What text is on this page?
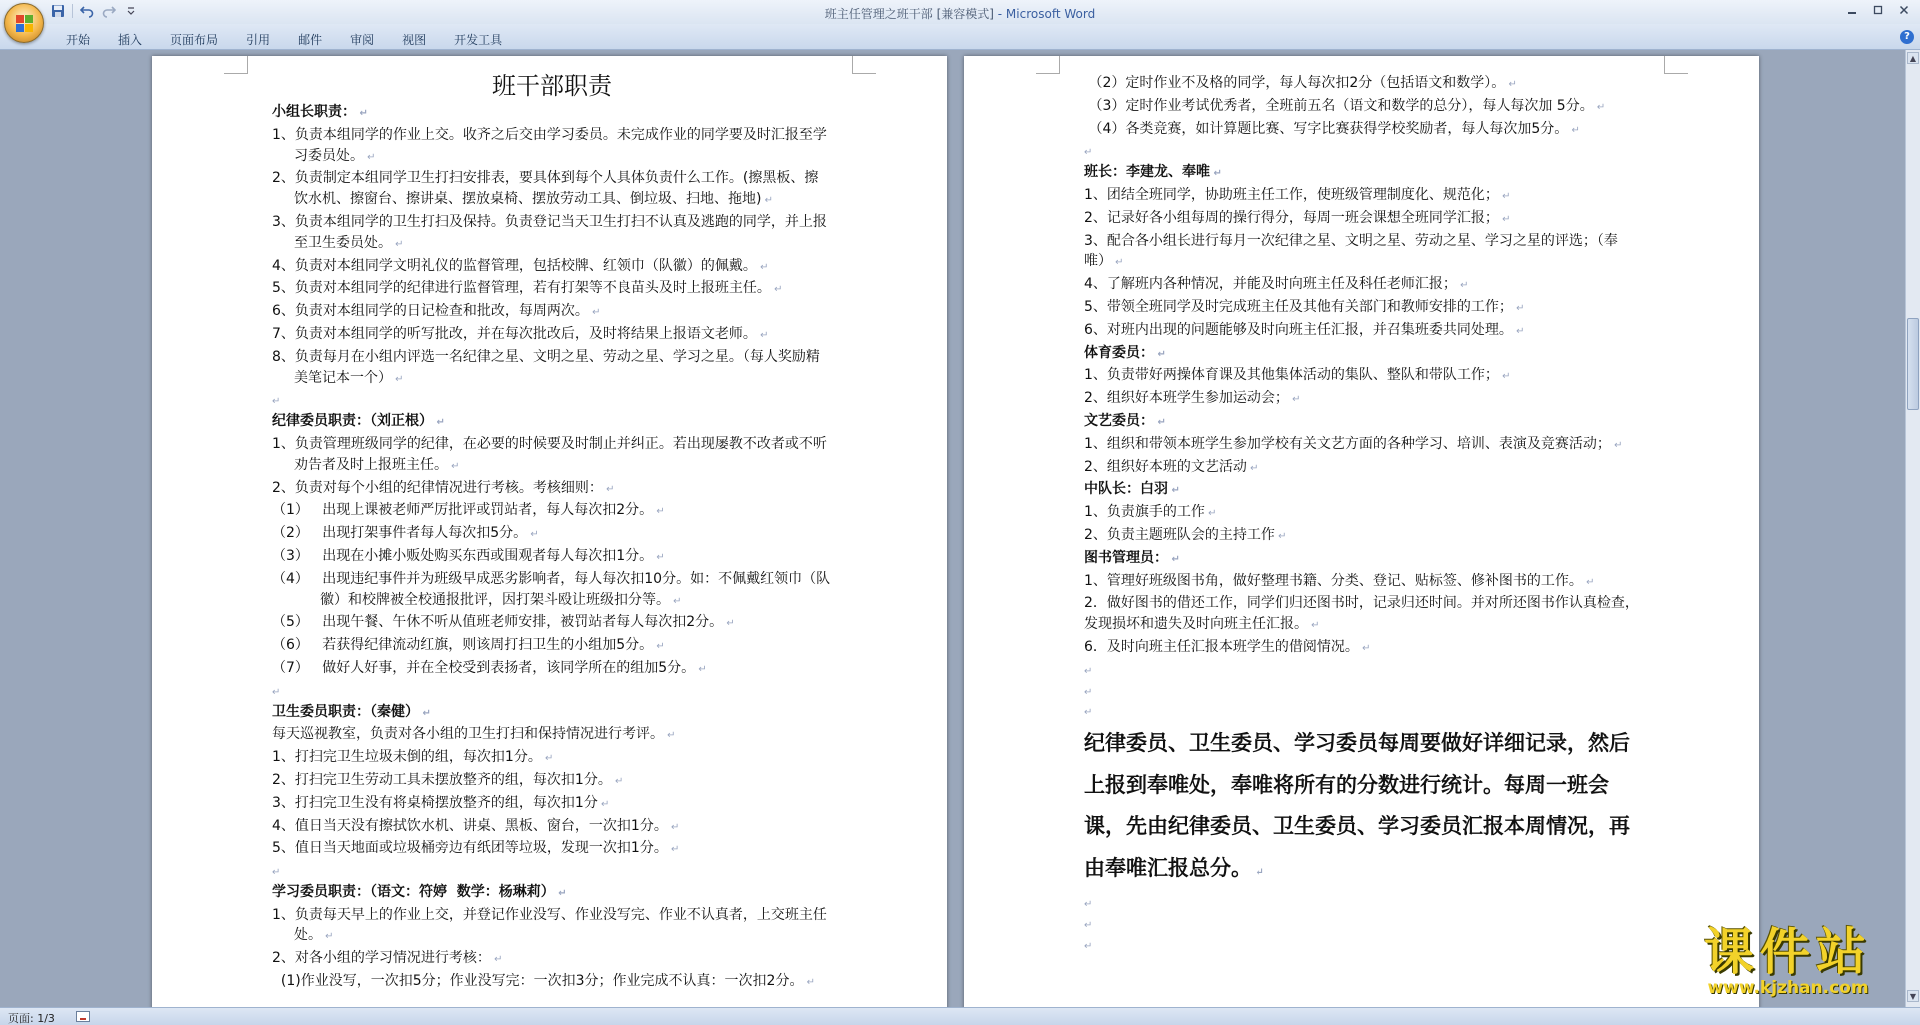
班主任管理之班干部 [兼容模式] - Microsoft Word
开始	插入	页面布局	引用	邮件	审阅	视图	开发工具	?
班干部职责
小组长职责： ↵
1、负责本组同学的作业上交。收齐之后交由学习委员。未完成作业的同学要及时汇报至学习委员处。 ↵
2、负责制定本组同学卫生打扫安排表，要具体到每个人具体负责什么工作。(擦黑板、擦饮水机、擦窗台、擦讲桌、摆放桌椅、摆放劳动工具、倒垃圾、扫地、拖地) ↵
3、负责本组同学的卫生打扫及保持。负责登记当天卫生打扫不认真及逃跑的同学，并上报至卫生委员处。 ↵
4、负责对本组同学文明礼仪的监督管理，包括校牌、红领巾（队徽）的佩戴。 ↵
5、负责对本组同学的纪律进行监督管理，若有打架等不良苗头及时上报班主任。 ↵
6、负责对本组同学的日记检查和批改，每周两次。 ↵
7、负责对本组同学的听写批改，并在每次批改后，及时将结果上报语文老师。 ↵
8、负责每月在小组内评选一名纪律之星、文明之星、劳动之星、学习之星。（每人奖励精美笔记本一个） ↵
↵
纪律委员职责：（刘正根） ↵
1、负责管理班级同学的纪律，在必要的时候要及时制止并纠正。若出现屡教不改者或不听劝告者及时上报班主任。 ↵
2、负责对每个小组的纪律情况进行考核。考核细则： ↵
（1）   出现上课被老师严厉批评或罚站者，每人每次扣2分。 ↵
（2）   出现打架事件者每人每次扣5分。 ↵
（3）   出现在小摊小贩处购买东西或围观者每人每次扣1分。 ↵
（4）   出现违纪事件并为班级早成恶劣影响者，每人每次扣10分。如：不佩戴红领巾（队徽）和校牌被全校通报批评，因打架斗殴让班级扣分等。 ↵
（5）   出现午餐、午休不听从值班老师安排，被罚站者每人每次扣2分。 ↵
（6）   若获得纪律流动红旗，则该周打扫卫生的小组加5分。 ↵
（7）   做好人好事，并在全校受到表扬者，该同学所在的组加5分。 ↵
↵
卫生委员职责：（秦健） ↵
每天巡视教室，负责对各小组的卫生打扫和保持情况进行考评。 ↵
1、打扫完卫生垃圾未倒的组，每次扣1分。 ↵
2、打扫完卫生劳动工具未摆放整齐的组，每次扣1分。 ↵
3、打扫完卫生没有将桌椅摆放整齐的组，每次扣1分 ↵
4、值日当天没有擦拭饮水机、讲桌、黑板、窗台，一次扣1分。 ↵
5、值日当天地面或垃圾桶旁边有纸团等垃圾，发现一次扣1分。 ↵
↵
学习委员职责：（语文：符婷  数学：杨琳莉） ↵
1、负责每天早上的作业上交，并登记作业没写、作业没写完、作业不认真者，上交班主任处。 ↵
2、对各小组的学习情况进行考核： ↵
(1)作业没写，一次扣5分；作业没写完：一次扣3分；作业完成不认真：一次扣2分。 ↵
（2）定时作业不及格的同学，每人每次扣2分（包括语文和数学）。 ↵
（3）定时作业考试优秀者，全班前五名（语文和数学的总分），每人每次加 5分。 ↵
（4）各类竞赛，如计算题比赛、写字比赛获得学校奖励者，每人每次加5分。 ↵
↵
班长：李建龙、奉唯 ↵
1、团结全班同学，协助班主任工作，使班级管理制度化、规范化； ↵
2、记录好各小组每周的操行得分，每周一班会课想全班同学汇报； ↵
3、配合各小组长进行每月一次纪律之星、文明之星、劳动之星、学习之星的评选；（奉唯） ↵
4、了解班内各种情况，并能及时向班主任及科任老师汇报； ↵
5、带领全班同学及时完成班主任及其他有关部门和教师安排的工作； ↵
6、对班内出现的问题能够及时向班主任汇报，并召集班委共同处理。 ↵
体育委员： ↵
1、负责带好两操体育课及其他集体活动的集队、整队和带队工作； ↵
2、组织好本班学生参加运动会； ↵
文艺委员： ↵
1、组织和带领本班学生参加学校有关文艺方面的各种学习、培训、表演及竞赛活动； ↵
2、组织好本班的文艺活动 ↵
中队长：白羽 ↵
1、负责旗手的工作 ↵
2、负责主题班队会的主持工作 ↵
图书管理员： ↵
1、管理好班级图书角，做好整理书籍、分类、登记、贴标签、修补图书的工作。 ↵
2．做好图书的借还工作，同学们归还图书时，记录归还时间。并对所还图书作认真检查，发现损坏和遗失及时向班主任汇报。 ↵
6．及时向班主任汇报本班学生的借阅情况。 ↵
↵
↵
↵
纪律委员、卫生委员、学习委员每周要做好详细记录，然后上报到奉唯处，奉唯将所有的分数进行统计。每周一班会课，先由纪律委员、卫生委员、学习委员汇报本周情况，再由奉唯汇报总分。 ↵
↵
↵
↵
▲
▼
页面: 1/3
课件站
www.kjzhan.com
